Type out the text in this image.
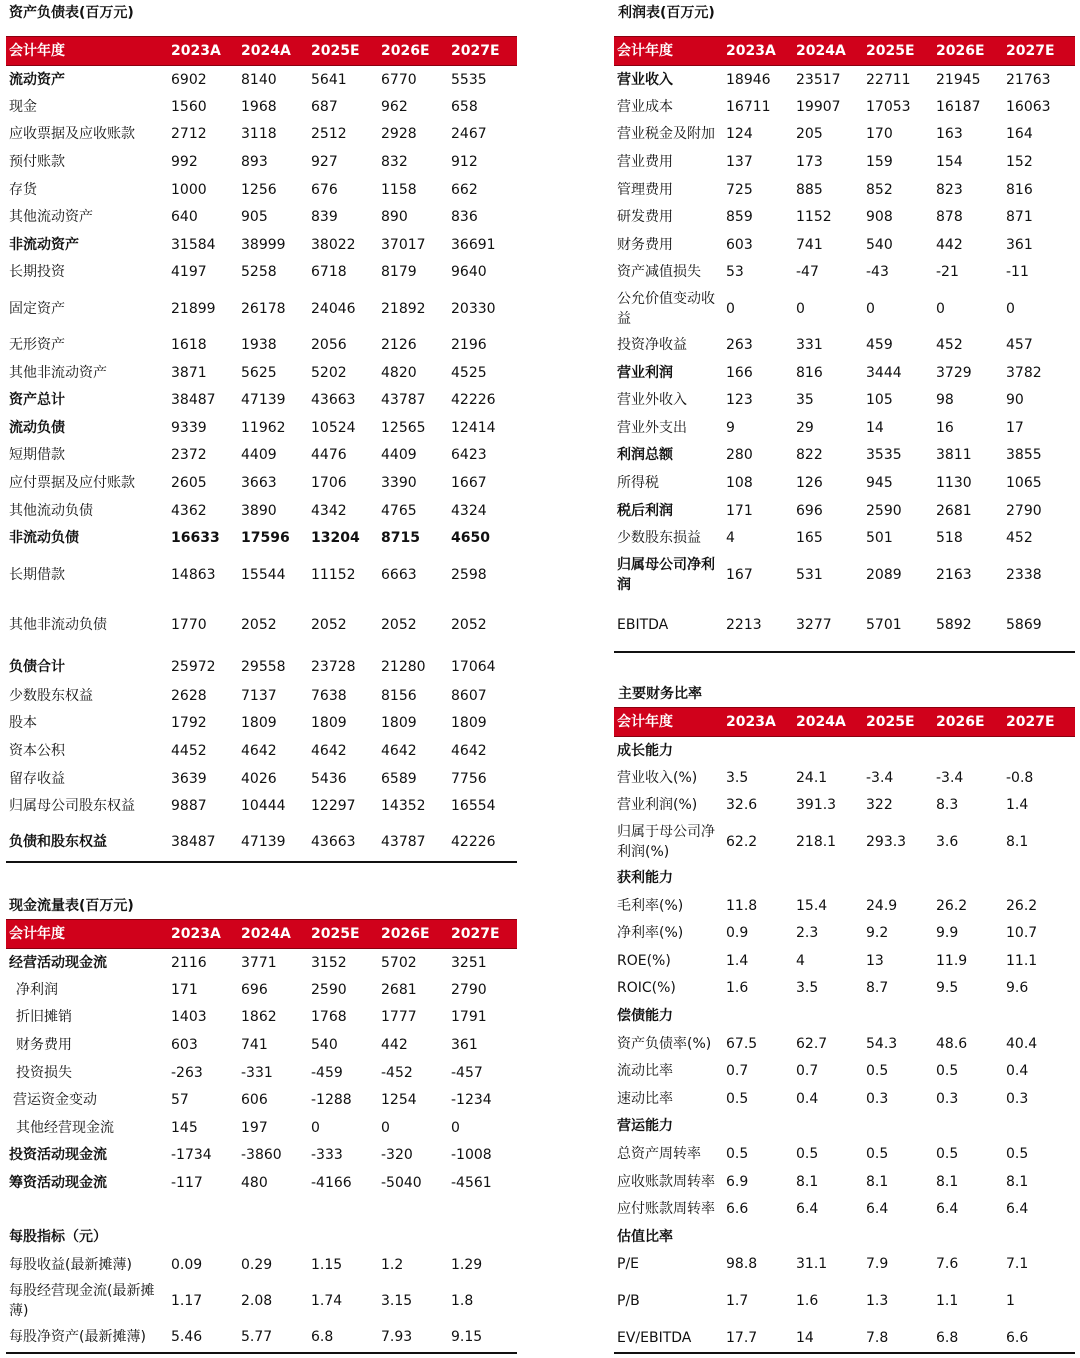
资产负债表(百万元)
会计年度	2023A	2024A	2025E	2026E	2027E
流动资产	6902	8140	5641	6770	5535
现金	1560	1968	687	962	658
应收票据及应收账款	2712	3118	2512	2928	2467
预付账款	992	893	927	832	912
存货	1000	1256	676	1158	662
其他流动资产	640	905	839	890	836
非流动资产	31584	38999	38022	37017	36691
长期投资	4197	5258	6718	8179	9640
固定资产	21899	26178	24046	21892	20330
无形资产	1618	1938	2056	2126	2196
其他非流动资产	3871	5625	5202	4820	4525
资产总计	38487	47139	43663	43787	42226
流动负债	9339	11962	10524	12565	12414
短期借款	2372	4409	4476	4409	6423
应付票据及应付账款	2605	3663	1706	3390	1667
其他流动负债	4362	3890	4342	4765	4324
非流动负债	16633	17596	13204	8715	4650
长期借款	14863	15544	11152	6663	2598
其他非流动负债	1770	2052	2052	2052	2052
负债合计	25972	29558	23728	21280	17064
少数股东权益	2628	7137	7638	8156	8607
股本	1792	1809	1809	1809	1809
资本公积	4452	4642	4642	4642	4642
留存收益	3639	4026	5436	6589	7756
归属母公司股东权益	9887	10444	12297	14352	16554
负债和股东权益	38487	47139	43663	43787	42226
现金流量表(百万元)
会计年度	2023A	2024A	2025E	2026E	2027E
经营活动现金流	2116	3771	3152	5702	3251
净利润	171	696	2590	2681	2790
折旧摊销	1403	1862	1768	1777	1791
财务费用	603	741	540	442	361
投资损失	-263	-331	-459	-452	-457
营运资金变动	57	606	-1288	1254	-1234
其他经营现金流	145	197	0	0	0
投资活动现金流	-1734	-3860	-333	-320	-1008
筹资活动现金流	-117	480	-4166	-5040	-4561
每股指标（元）
每股收益(最新摊薄)	0.09	0.29	1.15	1.2	1.29
每股经营现金流(最新摊薄)	1.17	2.08	1.74	3.15	1.8
每股净资产(最新摊薄)	5.46	5.77	6.8	7.93	9.15
利润表(百万元)
会计年度	2023A	2024A	2025E	2026E	2027E
营业收入	18946	23517	22711	21945	21763
营业成本	16711	19907	17053	16187	16063
营业税金及附加	124	205	170	163	164
营业费用	137	173	159	154	152
管理费用	725	885	852	823	816
研发费用	859	1152	908	878	871
财务费用	603	741	540	442	361
资产减值损失	53	-47	-43	-21	-11
公允价值变动收益	0	0	0	0	0
投资净收益	263	331	459	452	457
营业利润	166	816	3444	3729	3782
营业外收入	123	35	105	98	90
营业外支出	9	29	14	16	17
利润总额	280	822	3535	3811	3855
所得税	108	126	945	1130	1065
税后利润	171	696	2590	2681	2790
少数股东损益	4	165	501	518	452
归属母公司净利润	167	531	2089	2163	2338
EBITDA	2213	3277	5701	5892	5869
主要财务比率
会计年度	2023A	2024A	2025E	2026E	2027E
成长能力					
营业收入(%)	3.5	24.1	-3.4	-3.4	-0.8
营业利润(%)	32.6	391.3	322	8.3	1.4
归属于母公司净利润(%)	62.2	218.1	293.3	3.6	8.1
获利能力					
毛利率(%)	11.8	15.4	24.9	26.2	26.2
净利率(%)	0.9	2.3	9.2	9.9	10.7
ROE(%)	1.4	4	13	11.9	11.1
ROIC(%)	1.6	3.5	8.7	9.5	9.6
偿债能力					
资产负债率(%)	67.5	62.7	54.3	48.6	40.4
流动比率	0.7	0.7	0.5	0.5	0.4
速动比率	0.5	0.4	0.3	0.3	0.3
营运能力					
总资产周转率	0.5	0.5	0.5	0.5	0.5
应收账款周转率	6.9	8.1	8.1	8.1	8.1
应付账款周转率	6.6	6.4	6.4	6.4	6.4
估值比率					
P/E	98.8	31.1	7.9	7.6	7.1
P/B	1.7	1.6	1.3	1.1	1
EV/EBITDA	17.7	14	7.8	6.8	6.6
